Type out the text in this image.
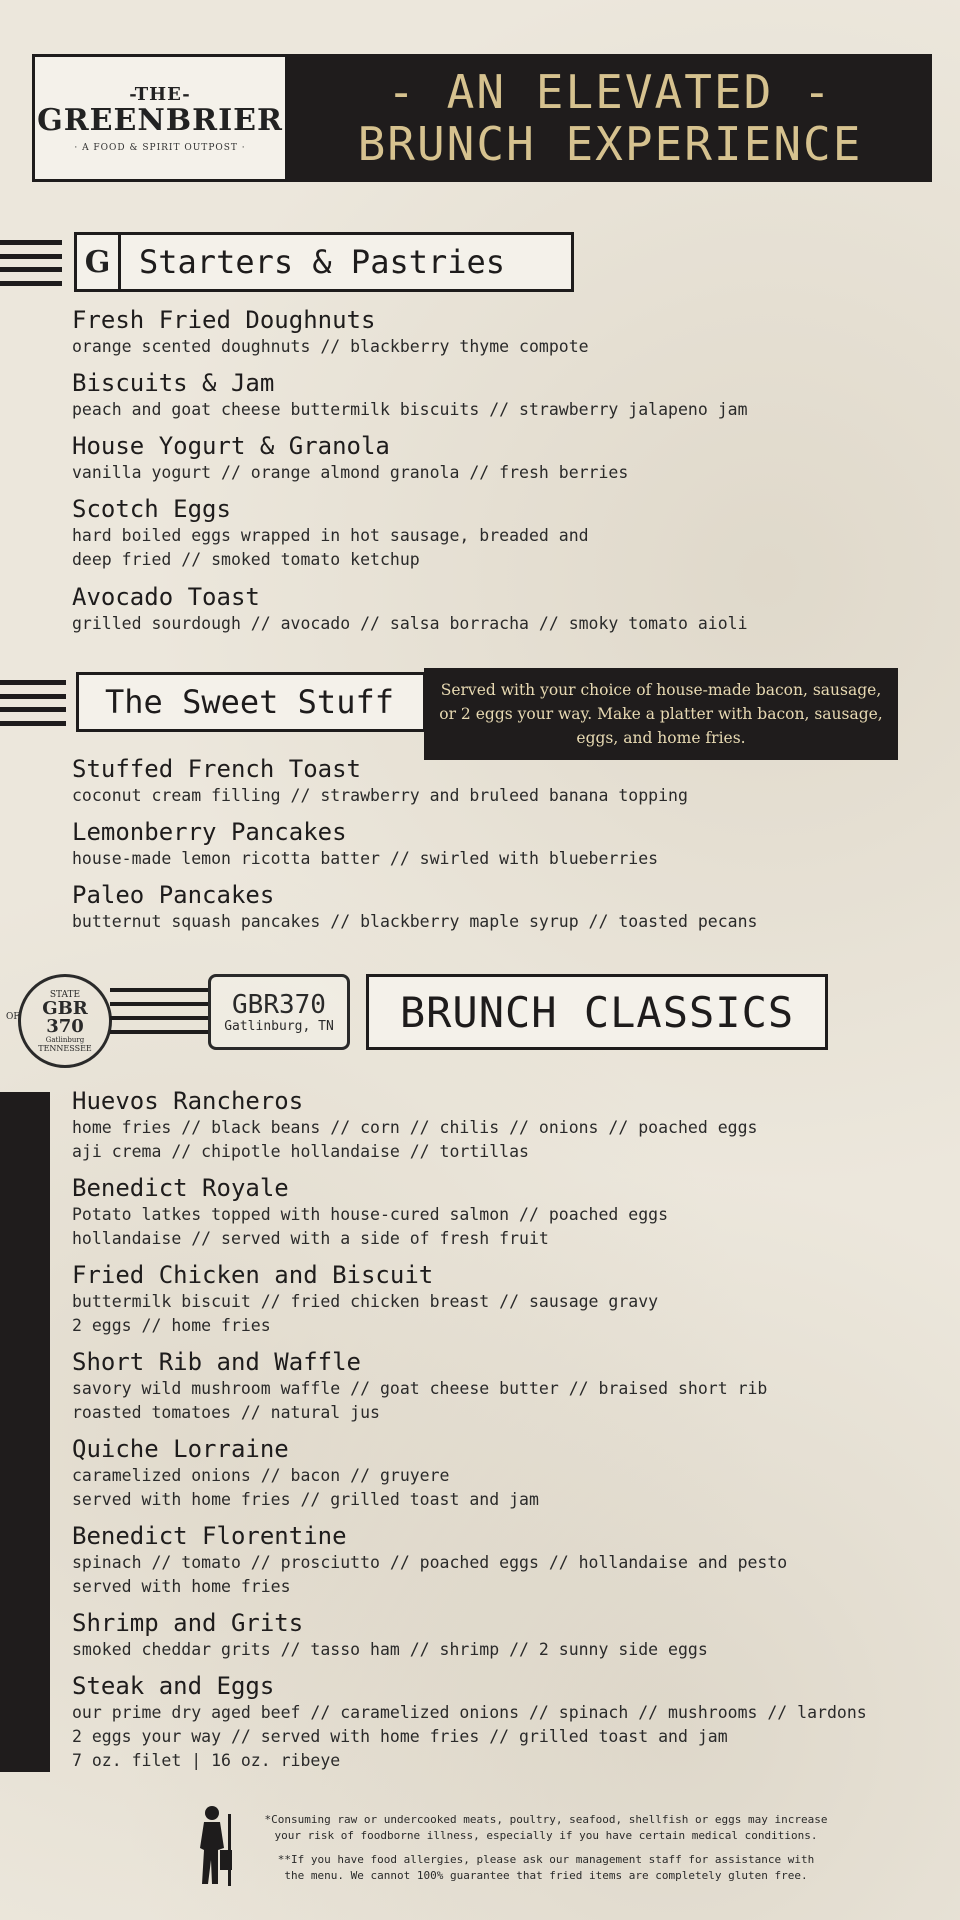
-THE-
GREENBRIER
· A FOOD & SPIRIT OUTPOST ·
- AN ELEVATED -
BRUNCH EXPERIENCE
G Starters & Pastries
Fresh Fried Doughnuts
orange scented doughnuts // blackberry thyme compote
Biscuits & Jam
peach and goat cheese buttermilk biscuits // strawberry jalapeno jam
House Yogurt & Granola
vanilla yogurt // orange almond granola // fresh berries
Scotch Eggs
hard boiled eggs wrapped in hot sausage, breaded and
deep fried // smoked tomato ketchup
Avocado Toast
grilled sourdough // avocado // salsa borracha // smoky tomato aioli
The Sweet Stuff	Served with your choice of house-made bacon, sausage, or 2 eggs your way. Make a platter with bacon, sausage, eggs, and home fries.
Stuffed French Toast
coconut cream filling // strawberry and bruleed banana topping
Lemonberry Pancakes
house-made lemon ricotta batter // swirled with blueberries
Paleo Pancakes
butternut squash pancakes // blackberry maple syrup // toasted pecans
STATE
GBR
370
Gatlinburg
TENNESSEE
OF	GBR370
Gatlinburg, TN	BRUNCH CLASSICS
Huevos Rancheros
home fries // black beans // corn // chilis // onions // poached eggs
aji crema // chipotle hollandaise // tortillas
Benedict Royale
Potato latkes topped with house-cured salmon // poached eggs
hollandaise // served with a side of fresh fruit
Fried Chicken and Biscuit
buttermilk biscuit // fried chicken breast // sausage gravy
2 eggs // home fries
Short Rib and Waffle
savory wild mushroom waffle // goat cheese butter // braised short rib
roasted tomatoes // natural jus
Quiche Lorraine
caramelized onions // bacon // gruyere
served with home fries // grilled toast and jam
Benedict Florentine
spinach // tomato // prosciutto // poached eggs // hollandaise and pesto
served with home fries
Shrimp and Grits
smoked cheddar grits // tasso ham // shrimp // 2 sunny side eggs
Steak and Eggs
our prime dry aged beef // caramelized onions // spinach // mushrooms // lardons
2 eggs your way // served with home fries // grilled toast and jam
7 oz. filet | 16 oz. ribeye
*Consuming raw or undercooked meats, poultry, seafood, shellfish or eggs may increase
your risk of foodborne illness, especially if you have certain medical conditions.
**If you have food allergies, please ask our management staff for assistance with
the menu. We cannot 100% guarantee that fried items are completely gluten free.
